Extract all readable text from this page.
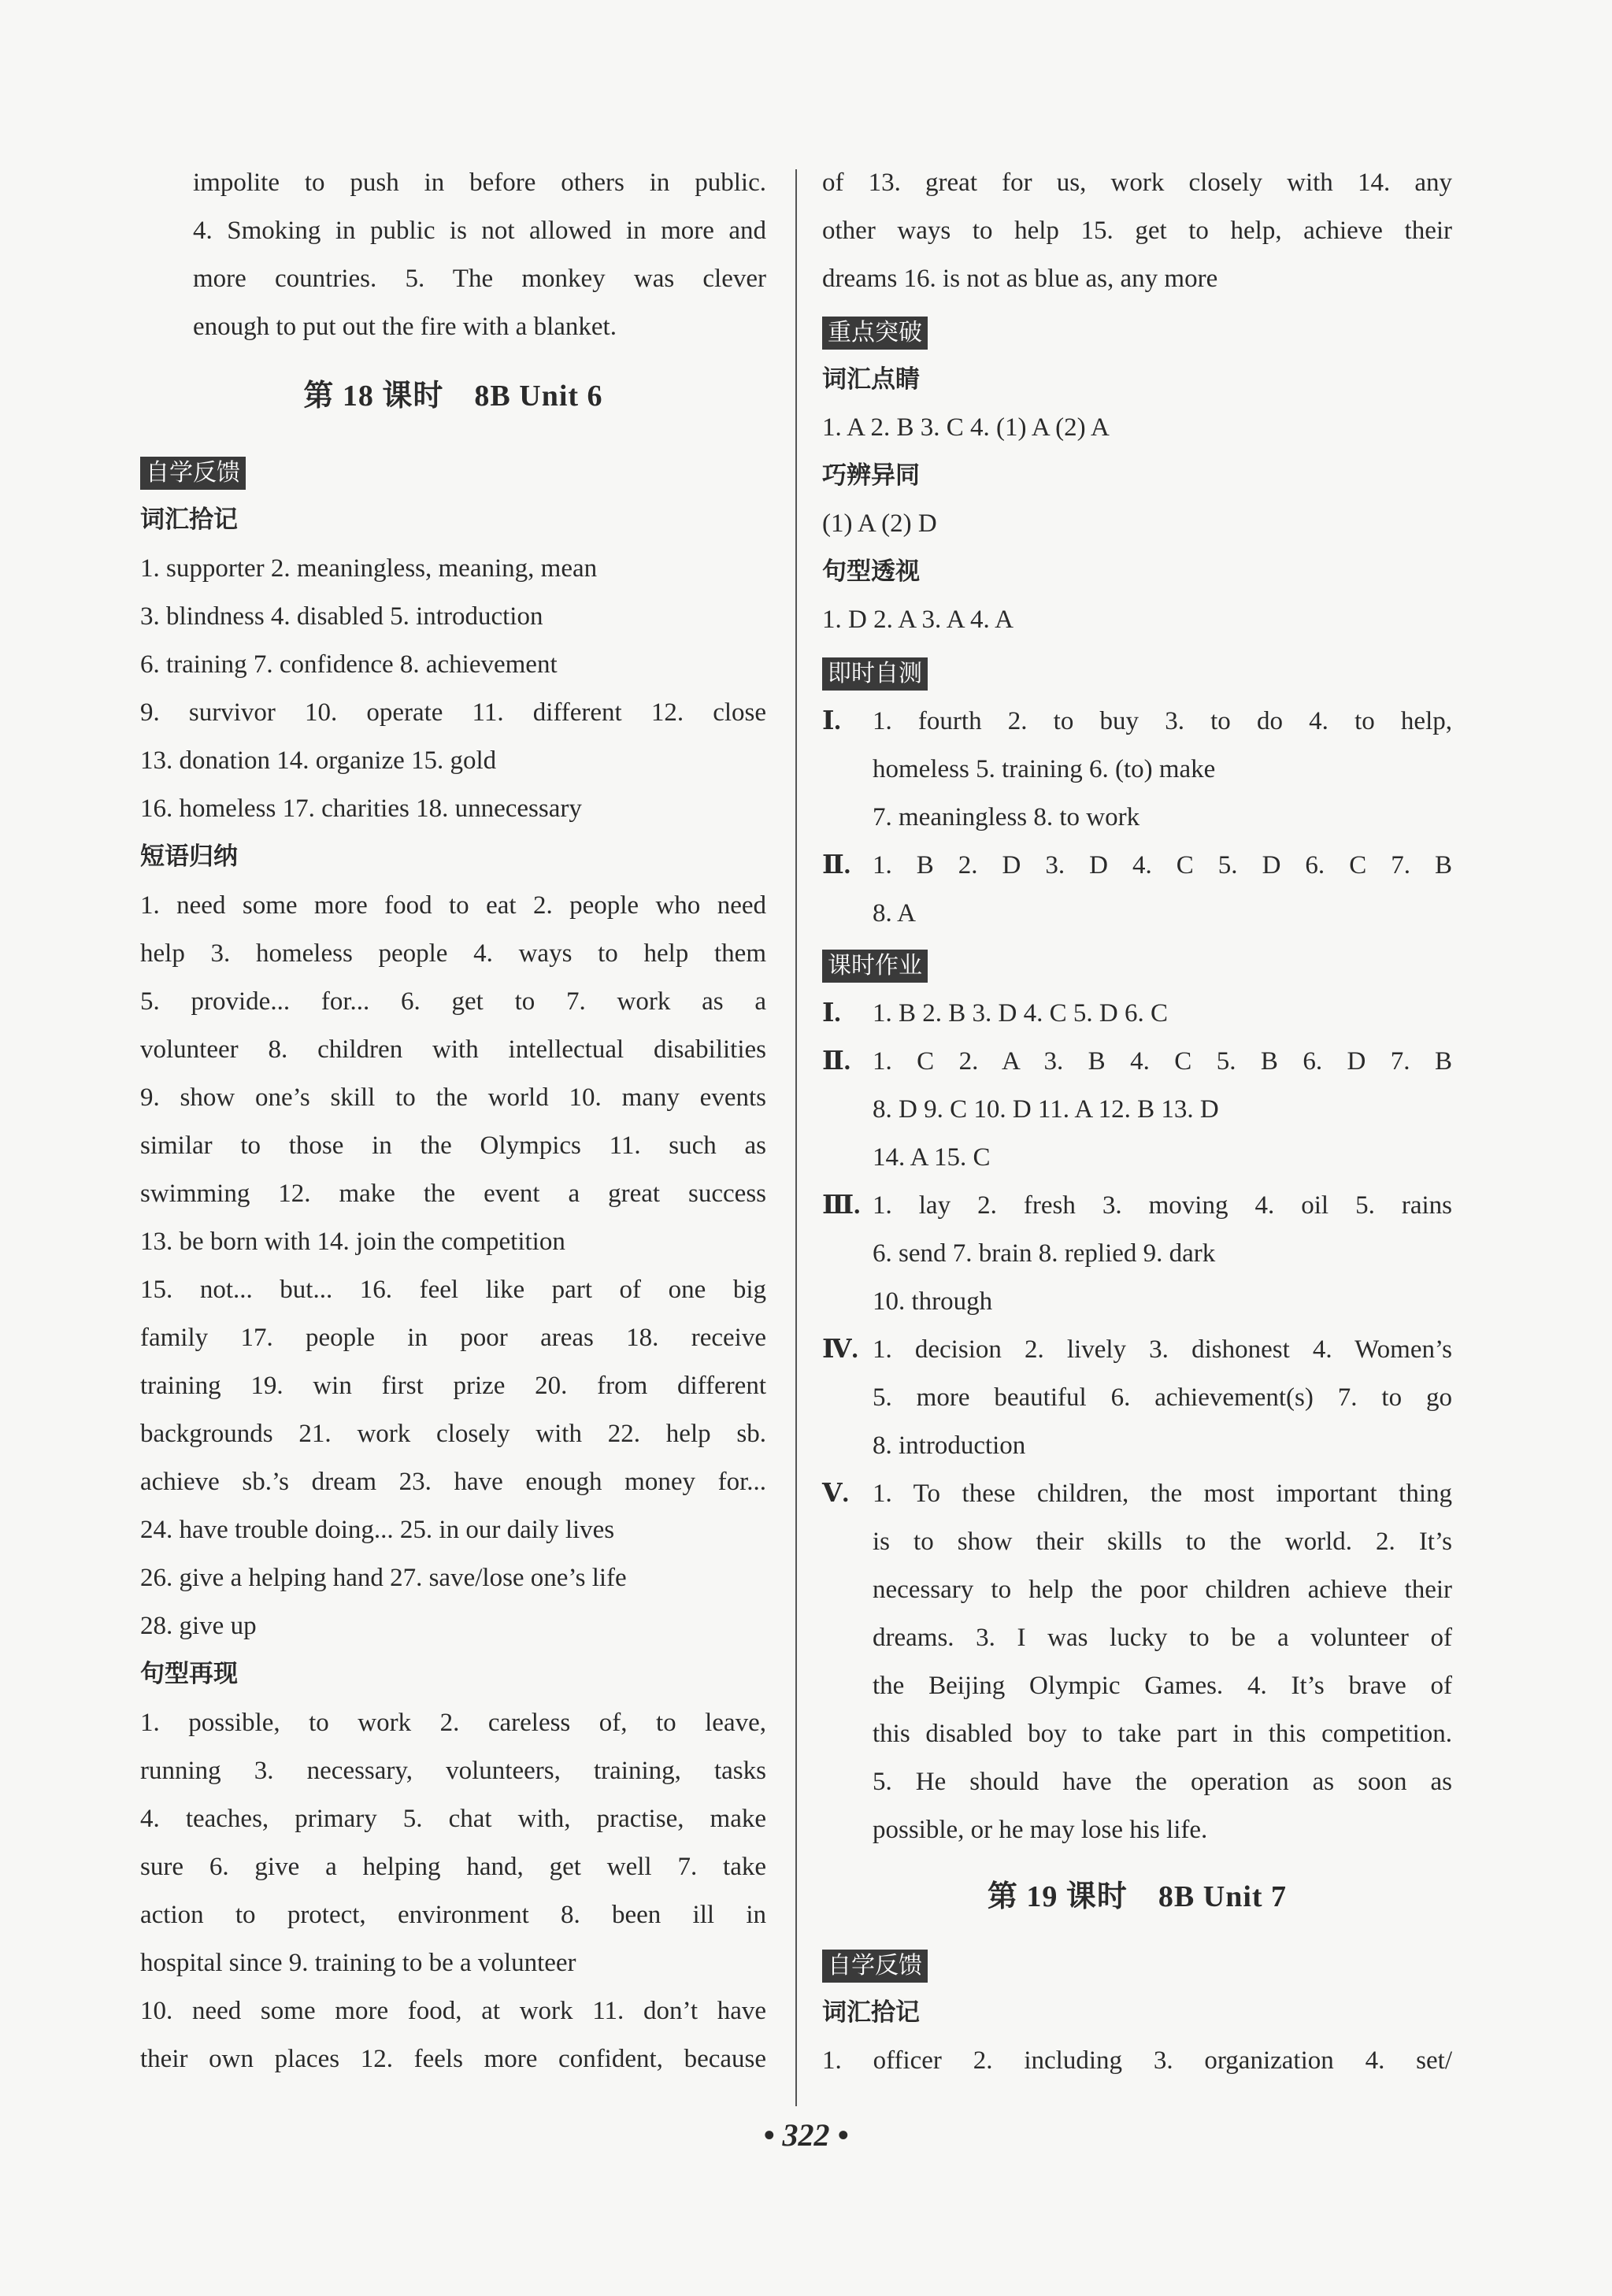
impolite to push in before others in public.
4. Smoking in public is not allowed in more and
more countries. 5. The monkey was clever
enough to put out the fire with a blanket.
第 18 课时　8B Unit 6
自学反馈
词汇拾记
1. supporter 2. meaningless, meaning, mean
3. blindness 4. disabled 5. introduction
6. training 7. confidence 8. achievement
9. survivor 10. operate 11. different 12. close
13. donation 14. organize 15. gold
16. homeless 17. charities 18. unnecessary
短语归纳
1. need some more food to eat 2. people who need
help 3. homeless people 4. ways to help them
5. provide... for... 6. get to 7. work as a
volunteer 8. children with intellectual disabilities
9. show one’s skill to the world 10. many events
similar to those in the Olympics 11. such as
swimming 12. make the event a great success
13. be born with 14. join the competition
15. not... but... 16. feel like part of one big
family 17. people in poor areas 18. receive
training 19. win first prize 20. from different
backgrounds 21. work closely with 22. help sb.
achieve sb.’s dream 23. have enough money for...
24. have trouble doing... 25. in our daily lives
26. give a helping hand 27. save/lose one’s life
28. give up
句型再现
1. possible, to work 2. careless of, to leave,
running 3. necessary, volunteers, training, tasks
4. teaches, primary 5. chat with, practise, make
sure 6. give a helping hand, get well 7. take
action to protect, environment 8. been ill in
hospital since 9. training to be a volunteer
10. need some more food, at work 11. don’t have
their own places 12. feels more confident, because
of 13. great for us, work closely with 14. any
other ways to help 15. get to help, achieve their
dreams 16. is not as blue as, any more
重点突破
词汇点睛
1. A 2. B 3. C 4. (1) A (2) A
巧辨异同
(1) A (2) D
句型透视
1. D 2. A 3. A 4. A
即时自测
Ⅰ.	1. fourth 2. to buy 3. to do 4. to help,
homeless 5. training 6. (to) make
7. meaningless 8. to work
Ⅱ. 1. B 2. D 3. D 4. C 5. D 6. C 7. B
8. A
课时作业
Ⅰ.	1. B 2. B 3. D 4. C 5. D 6. C
Ⅱ. 1. C 2. A 3. B 4. C 5. B 6. D 7. B
8. D 9. C 10. D 11. A 12. B 13. D
14. A 15. C
Ⅲ. 1. lay 2. fresh 3. moving 4. oil 5. rains
6. send 7. brain 8. replied 9. dark
10. through
Ⅳ. 1. decision 2. lively 3. dishonest 4. Women’s
5. more beautiful 6. achievement(s) 7. to go
8. introduction
Ⅴ. 1. To these children, the most important thing
is to show their skills to the world. 2. It’s
necessary to help the poor children achieve their
dreams. 3. I was lucky to be a volunteer of
the Beijing Olympic Games. 4. It’s brave of
this disabled boy to take part in this competition.
5. He should have the operation as soon as
possible, or he may lose his life.
第 19 课时　8B Unit 7
自学反馈
词汇拾记
1. officer 2. including 3. organization 4. set/
• 322 •
